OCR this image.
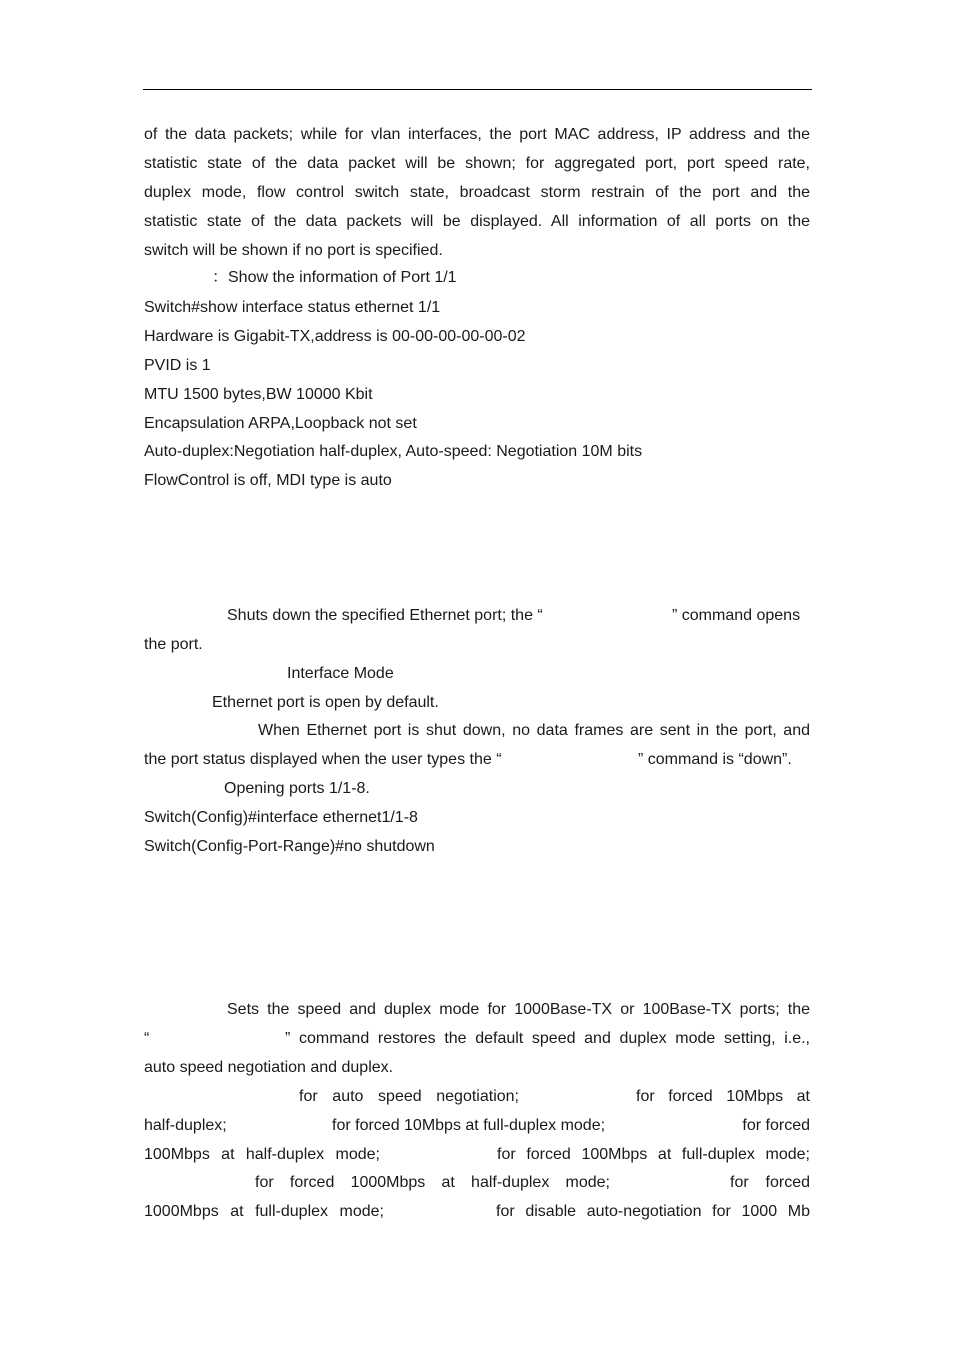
of the data packets; while for vlan interfaces, the port MAC address, IP address and the
statistic state of the data packet will be shown; for aggregated port, port speed rate,
duplex mode, flow control switch state, broadcast storm restrain of the port and the
statistic state of the data packets will be displayed. All information of all ports on the
switch will be shown if no port is specified.
：Show the information of Port 1/1
Switch#show interface status ethernet 1/1
Hardware is Gigabit-TX,address is 00-00-00-00-00-02
PVID is 1
MTU 1500 bytes,BW 10000 Kbit
Encapsulation ARPA,Loopback not set
Auto-duplex:Negotiation half-duplex, Auto-speed: Negotiation 10M bits
FlowControl is off, MDI type is auto
Shuts down the specified Ethernet port; the “	” command opens
the port.
Interface Mode
Ethernet port is open by default.
When Ethernet port is shut down, no data frames are sent in the port, and
the port status displayed when the user types the “	” command is “down”.
Opening ports 1/1-8.
Switch(Config)#interface ethernet1/1-8
Switch(Config-Port-Range)#no shutdown
Sets the speed and duplex mode for 1000Base-TX or 100Base-TX ports; the
“	” command restores the default speed and duplex mode setting, i.e.,
auto speed negotiation and duplex.
for auto speed negotiation;	for forced 10Mbps at
half-duplex;	for forced 10Mbps at full-duplex mode;	for forced
100Mbps at half-duplex mode;	for forced 100Mbps at full-duplex mode;
for forced 1000Mbps at half-duplex mode;	for forced
1000Mbps at full-duplex mode;	for disable auto-negotiation for 1000 Mb
